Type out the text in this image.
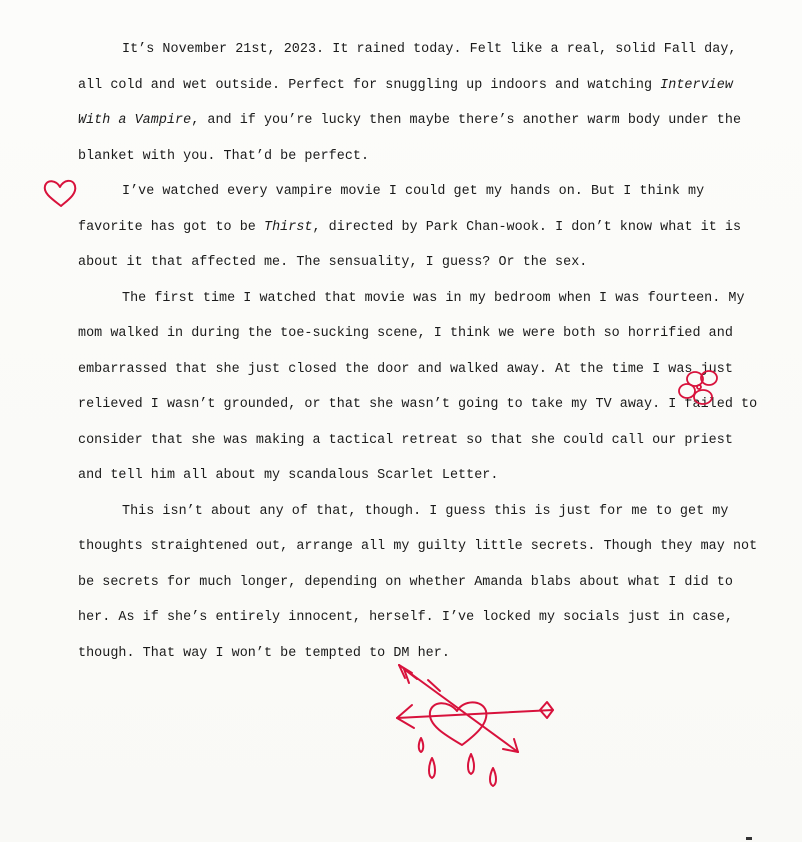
It’s November 21st, 2023. It rained today. Felt like a real, solid Fall day, all cold and wet outside. Perfect for snuggling up indoors and watching Interview With a Vampire, and if you’re lucky then maybe there’s another warm body under the blanket with you. That’d be perfect.

I’ve watched every vampire movie I could get my hands on. But I think my favorite has got to be Thirst, directed by Park Chan-wook. I don’t know what it is about it that affected me. The sensuality, I guess? Or the sex.

The first time I watched that movie was in my bedroom when I was fourteen. My mom walked in during the toe-sucking scene, I think we were both so horrified and embarrassed that she just closed the door and walked away. At the time I was just relieved I wasn’t grounded, or that she wasn’t going to take my TV away. I failed to consider that she was making a tactical retreat so that she could call our priest and tell him all about my scandalous Scarlet Letter.

This isn’t about any of that, though. I guess this is just for me to get my thoughts straightened out, arrange all my guilty little secrets. Though they may not be secrets for much longer, depending on whether Amanda blabs about what I did to her. As if she’s entirely innocent, herself. I’ve locked my socials just in case, though. That way I won’t be tempted to DM her.
